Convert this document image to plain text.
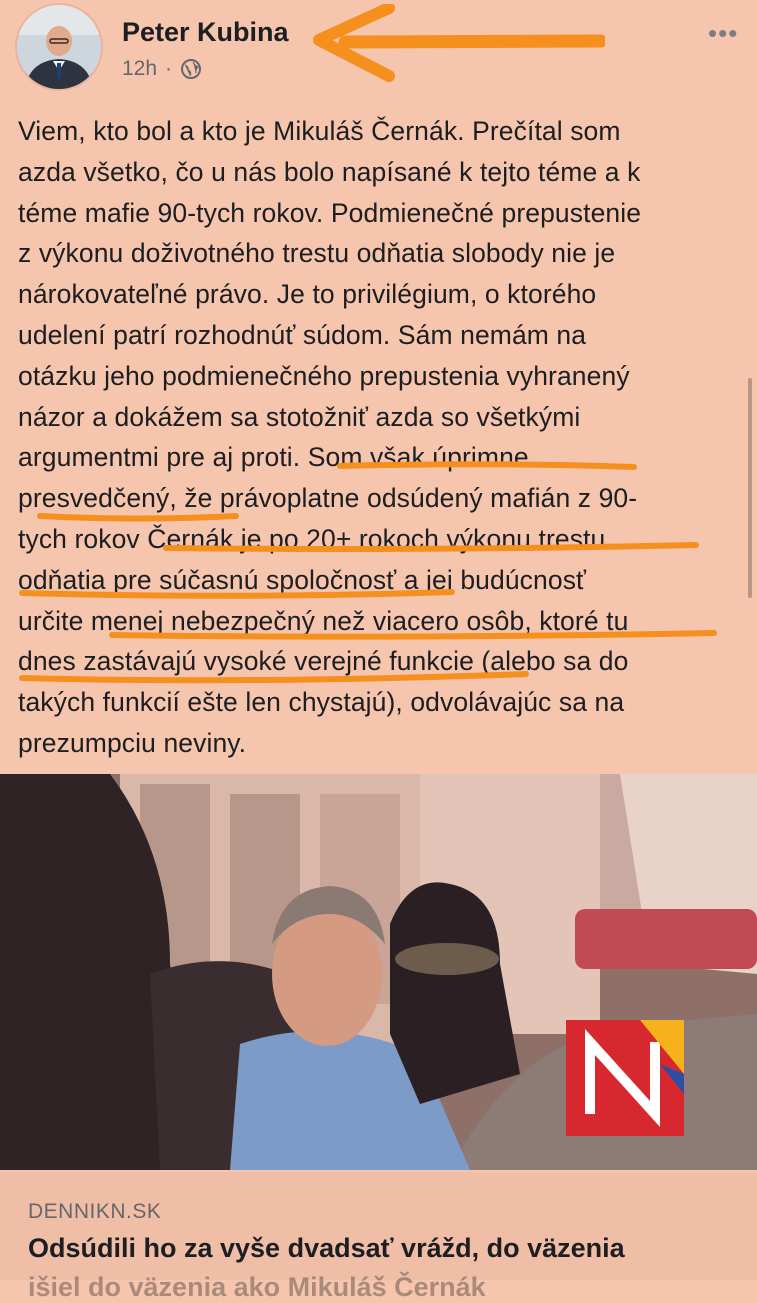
Peter Kubina
12h ·
•••

Viem, kto bol a kto je Mikuláš Černák. Prečítal som

azda všetko, čo u nás bolo napísané k tejto téme a k

téme mafie 90-tych rokov. Podmienečné prepustenie

z výkonu doživotného trestu odňatia slobody nie je

nárokovateľné právo. Je to privilégium, o ktorého

udelení patrí rozhodnúť súdom. Sám nemám na

otázku jeho podmienečného prepustenia vyhranený

názor a dokážem sa stotožniť azda so všetkými

argumentmi pre aj proti. Som však úprimne

presvedčený, že právoplatne odsúdený mafián z 90-

tych rokov Černák je po 20+ rokoch výkonu trestu

odňatia pre súčasnú spoločnosť a jej budúcnosť

určite menej nebezpečný než viacero osôb, ktoré tu

dnes zastávajú vysoké verejné funkcie (alebo sa do

takých funkcií ešte len chystajú), odvolávajúc sa na

prezumpciu neviny.

DENNIKN.SK
Odsúdili ho za vyše dvadsať vrážd, do väzenia
išiel do väzenia ako Mikuláš Černák
